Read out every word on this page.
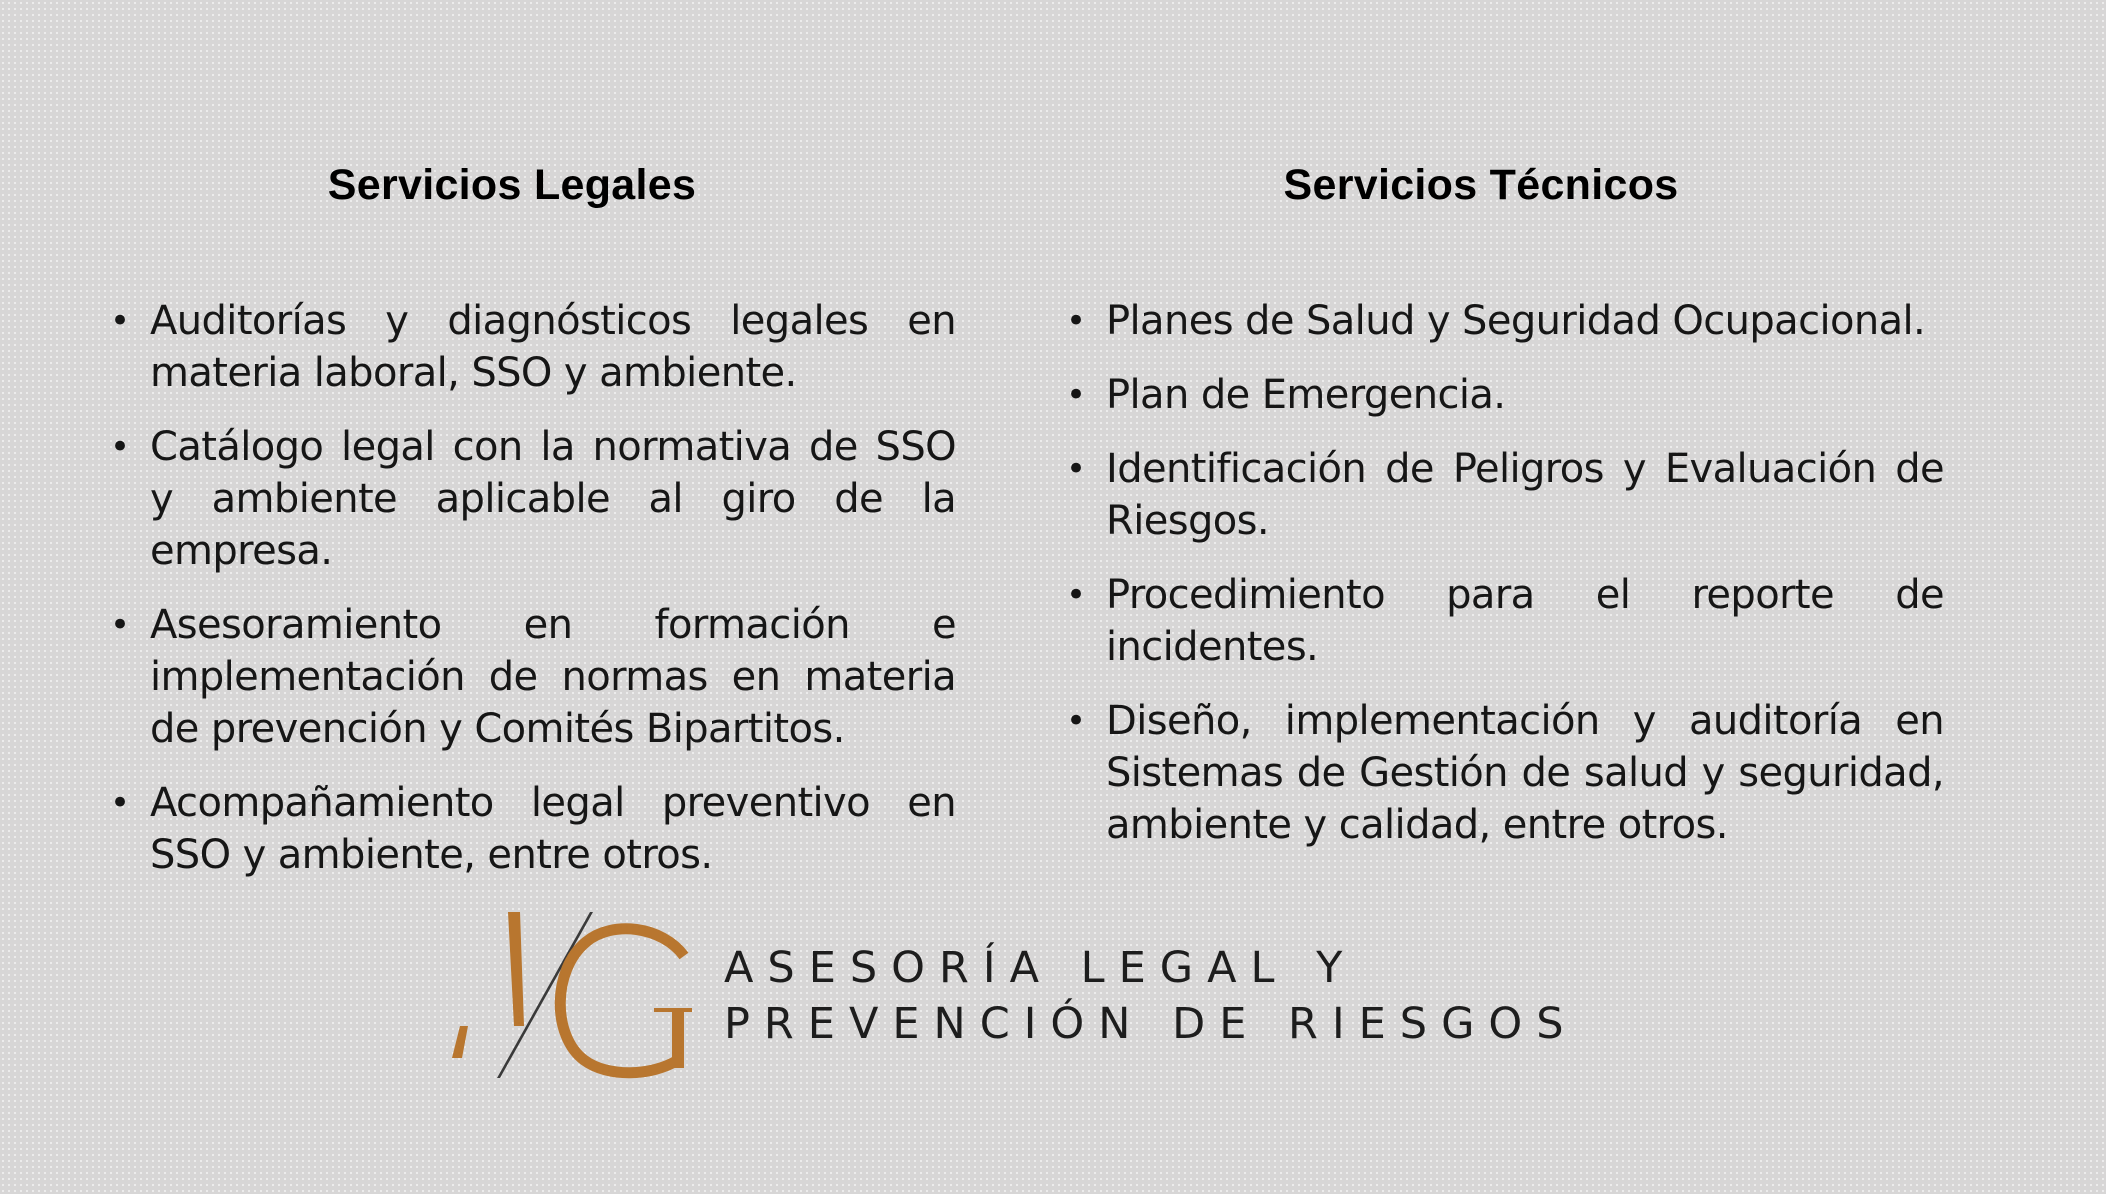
Servicios Legales
• Auditorías y diagnósticos legales en materia laboral, SSO y ambiente.
• Catálogo legal con la normativa de SSO y ambiente aplicable al giro de la empresa.
• Asesoramiento en formación e implementación de normas en materia de prevención y Comités Bipartitos.
• Acompañamiento legal preventivo en SSO y ambiente, entre otros.
Servicios Técnicos
• Planes de Salud y Seguridad Ocupacional.
• Plan de Emergencia.
• Identificación de Peligros y Evaluación de Riesgos.
• Procedimiento para el reporte de incidentes.
• Diseño, implementación y auditoría en Sistemas de Gestión de salud y seguridad, ambiente y calidad, entre otros.
ASESORÍA LEGAL Y
PREVENCIÓN DE RIESGOS
